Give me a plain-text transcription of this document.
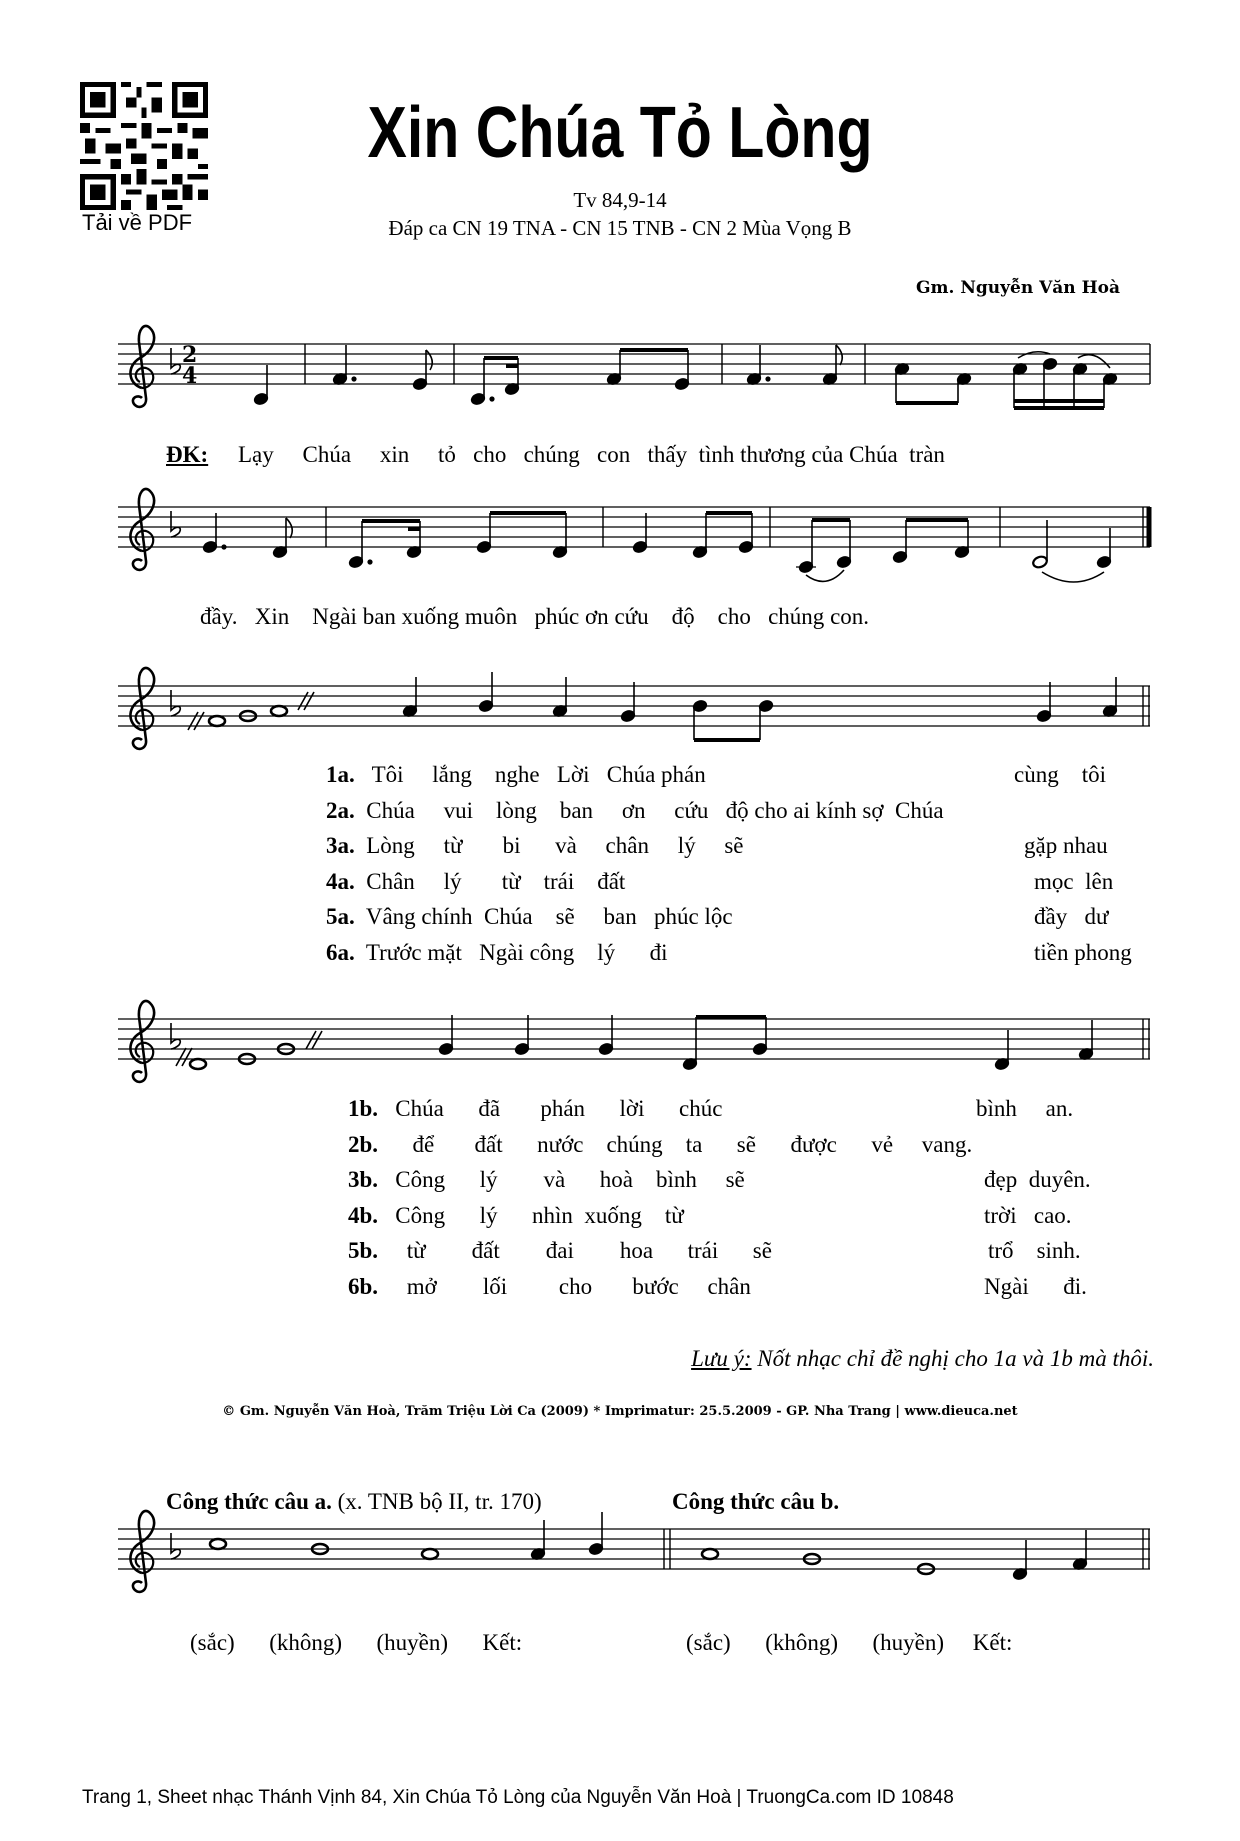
Tải về PDF
Xin Chúa Tỏ Lòng
Tv 84,9-14
Đáp ca CN 19 TNA - CN 15 TNB - CN 2 Mùa Vọng B
Gm. Nguyễn Văn Hoà
2
4
ĐK: Lạy Chúa xin tỏ cho chúng con thấy tình thương của Chúa tràn
đầy. Xin Ngài ban xuống muôn phúc ơn cứu độ cho chúng con.
1a. Tôi lắng nghe Lời Chúa phán	cùng tôi
2a. Chúa vui lòng ban ơn cứu độ cho ai kính sợ Chúa
3a. Lòng từ bi và chân lý sẽ	gặp nhau
4a. Chân lý từ trái đất	mọc lên
5a. Vâng chính Chúa sẽ ban phúc lộc	đầy dư
6a. Trước mặt Ngài công lý đi	tiền phong
1b. Chúa đã phán lời chúc	bình an.
2b. để đất nước chúng ta sẽ được vẻ vang.
3b. Công lý và hoà bình sẽ	đẹp duyên.
4b. Công lý nhìn xuống từ	trời cao.
5b. từ đất đai hoa trái sẽ	trổ sinh.
6b. mở lối cho bước chân	Ngài đi.
Lưu ý: Nốt nhạc chỉ đề nghị cho 1a và 1b mà thôi.
© Gm. Nguyễn Văn Hoà, Trăm Triệu Lời Ca (2009) * Imprimatur: 25.5.2009 - GP. Nha Trang | www.dieuca.net
Công thức câu a. (x. TNB bộ II, tr. 170)	Công thức câu b.
(sắc) (không) (huyền) Kết:	(sắc) (không) (huyền) Kết:
Trang 1, Sheet nhạc Thánh Vịnh 84, Xin Chúa Tỏ Lòng của Nguyễn Văn Hoà | TruongCa.com ID 10848
